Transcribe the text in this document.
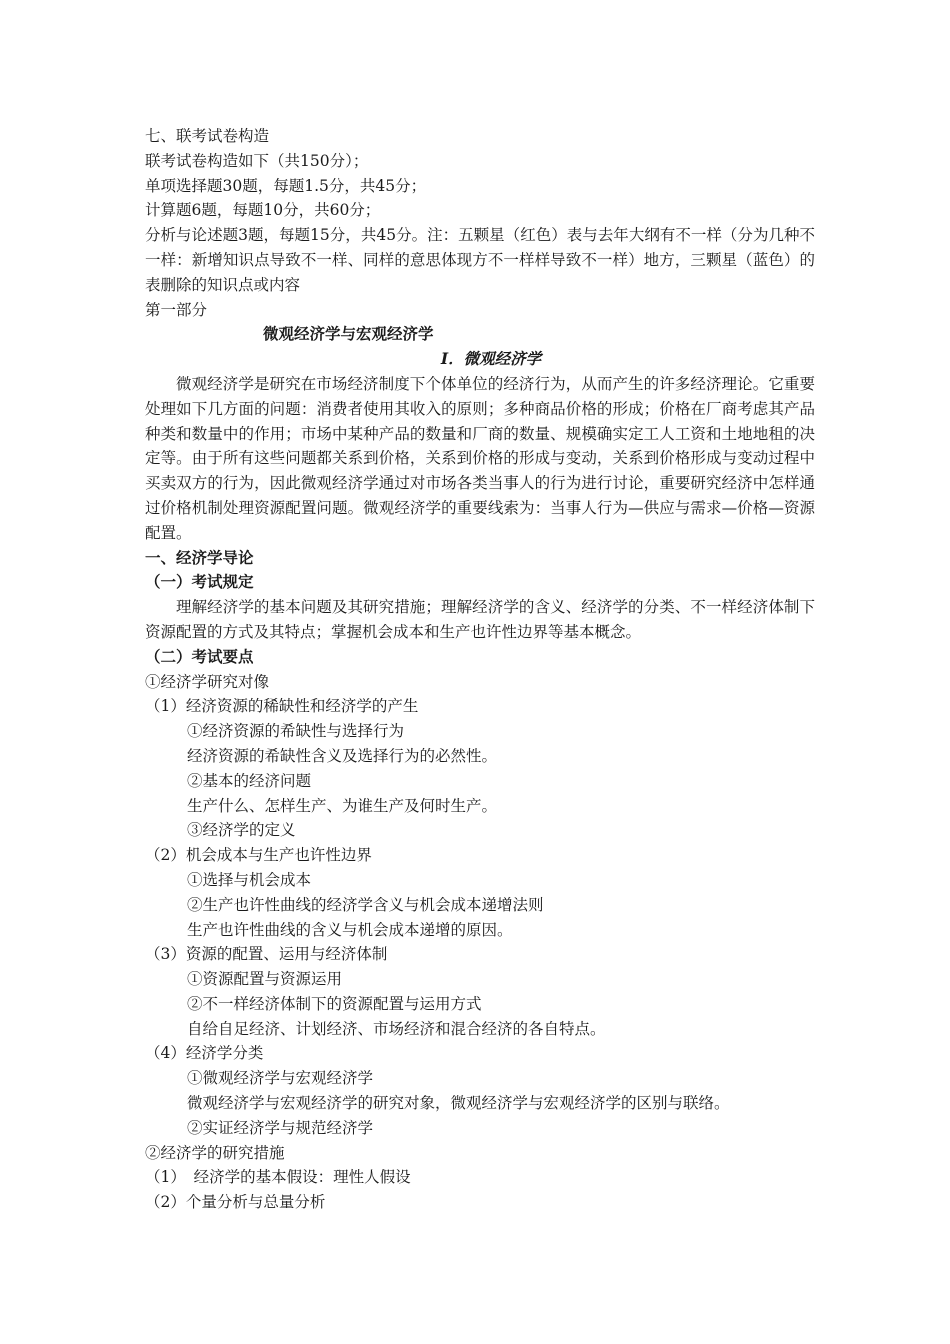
七、联考试卷构造
联考试卷构造如下（共150分）；
单项选择题30题，每题1.5分，共45分；
计算题6题，每题10分，共60分；
分析与论述题3题，每题15分，共45分。注：五颗星（红色）表与去年大纲有不一样（分为几种不一样：新增知识点导致不一样、同样的意思体现方不一样样导致不一样）地方，三颗星（蓝色）的表删除的知识点或内容
第一部分
微观经济学与宏观经济学
Ⅰ．微观经济学
微观经济学是研究在市场经济制度下个体单位的经济行为，从而产生的许多经济理论。它重要处理如下几方面的问题：消费者使用其收入的原则；多种商品价格的形成；价格在厂商考虑其产品种类和数量中的作用；市场中某种产品的数量和厂商的数量、规模确实定工人工资和土地地租的决定等。由于所有这些问题都关系到价格，关系到价格的形成与变动，关系到价格形成与变动过程中买卖双方的行为，因此微观经济学通过对市场各类当事人的行为进行讨论，重要研究经济中怎样通过价格机制处理资源配置问题。微观经济学的重要线索为：当事人行为—供应与需求—价格—资源配置。
一、经济学导论
（一）考试规定
理解经济学的基本问题及其研究措施；理解经济学的含义、经济学的分类、不一样经济体制下资源配置的方式及其特点；掌握机会成本和生产也许性边界等基本概念。
（二）考试要点
①经济学研究对像
（1）经济资源的稀缺性和经济学的产生
①经济资源的希缺性与选择行为
经济资源的希缺性含义及选择行为的必然性。
②基本的经济问题
生产什么、怎样生产、为谁生产及何时生产。
③经济学的定义
（2）机会成本与生产也许性边界
①选择与机会成本
②生产也许性曲线的经济学含义与机会成本递增法则
生产也许性曲线的含义与机会成本递增的原因。
（3）资源的配置、运用与经济体制
①资源配置与资源运用
②不一样经济体制下的资源配置与运用方式
自给自足经济、计划经济、市场经济和混合经济的各自特点。
（4）经济学分类
①微观经济学与宏观经济学
微观经济学与宏观经济学的研究对象，微观经济学与宏观经济学的区别与联络。
②实证经济学与规范经济学
②经济学的研究措施
（1）　经济学的基本假设：理性人假设
（2）个量分析与总量分析
